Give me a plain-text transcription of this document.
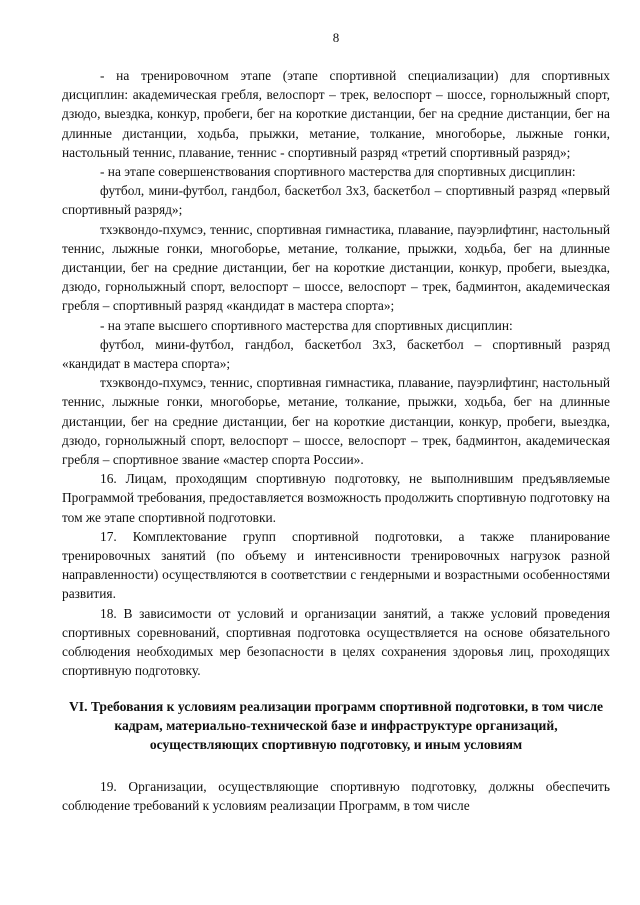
8

- на тренировочном этапе (этапе спортивной специализации) для спортивных дисциплин: академическая гребля, велоспорт – трек, велоспорт – шоссе, горнолыжный спорт, дзюдо, выездка, конкур, пробеги, бег на короткие дистанции, бег на средние дистанции, бег на длинные дистанции, ходьба, прыжки, метание, толкание, многоборье, лыжные гонки, настольный теннис, плавание, теннис - спортивный разряд «третий спортивный разряд»;

- на этапе совершенствования спортивного мастерства для спортивных дисциплин:

футбол, мини-футбол, гандбол, баскетбол 3х3, баскетбол – спортивный разряд «первый спортивный разряд»;

тхэквондо-пхумсэ, теннис, спортивная гимнастика, плавание, пауэрлифтинг, настольный теннис, лыжные гонки, многоборье, метание, толкание, прыжки, ходьба, бег на длинные дистанции, бег на средние дистанции, бег на короткие дистанции, конкур, пробеги, выездка, дзюдо, горнолыжный спорт, велоспорт – шоссе, велоспорт – трек, бадминтон, академическая гребля – спортивный разряд «кандидат в мастера спорта»;

- на этапе высшего спортивного мастерства для спортивных дисциплин:

футбол, мини-футбол, гандбол, баскетбол 3х3, баскетбол – спортивный разряд «кандидат в мастера спорта»;

тхэквондо-пхумсэ, теннис, спортивная гимнастика, плавание, пауэрлифтинг, настольный теннис, лыжные гонки, многоборье, метание, толкание, прыжки, ходьба, бег на длинные дистанции, бег на средние дистанции, бег на короткие дистанции, конкур, пробеги, выездка, дзюдо, горнолыжный спорт, велоспорт – шоссе, велоспорт – трек, бадминтон, академическая гребля – спортивное звание «мастер спорта России».

16. Лицам, проходящим спортивную подготовку, не выполнившим предъявляемые Программой требования, предоставляется возможность продолжить спортивную подготовку на том же этапе спортивной подготовки.

17. Комплектование групп спортивной подготовки, а также планирование тренировочных занятий (по объему и интенсивности тренировочных нагрузок разной направленности) осуществляются в соответствии с гендерными и возрастными особенностями развития.

18. В зависимости от условий и организации занятий, а также условий проведения спортивных соревнований, спортивная подготовка осуществляется на основе обязательного соблюдения необходимых мер безопасности в целях сохранения здоровья лиц, проходящих спортивную подготовку.

VI. Требования к условиям реализации программ спортивной подготовки, в том числе кадрам, материально-технической базе и инфраструктуре организаций, осуществляющих спортивную подготовку, и иным условиям

19. Организации, осуществляющие спортивную подготовку, должны обеспечить соблюдение требований к условиям реализации Программ, в том числе
